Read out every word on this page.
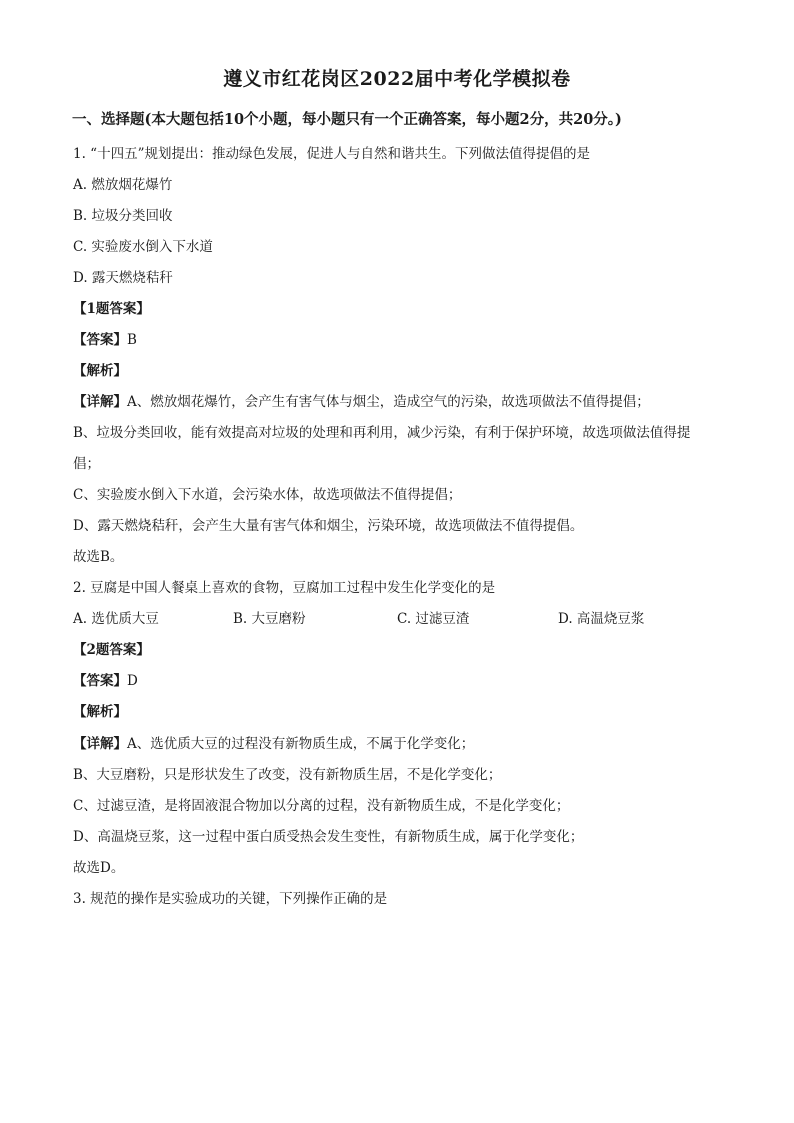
遵义市红花岗区2022届中考化学模拟卷
一、选择题(本大题包括10个小题，每小题只有一个正确答案，每小题2分，共20分。)
1. “十四五”规划提出：推动绿色发展，促进人与自然和谐共生。下列做法值得提倡的是
A. 燃放烟花爆竹
B. 垃圾分类回收
C. 实验废水倒入下水道
D. 露天燃烧秸秆
【1题答案】
【答案】B
【解析】
【详解】A、燃放烟花爆竹，会产生有害气体与烟尘，造成空气的污染，故选项做法不值得提倡；
B、垃圾分类回收，能有效提高对垃圾的处理和再利用，减少污染，有利于保护环境，故选项做法值得提
倡；
C、实验废水倒入下水道，会污染水体，故选项做法不值得提倡；
D、露天燃烧秸秆，会产生大量有害气体和烟尘，污染环境，故选项做法不值得提倡。
故选B。
2. 豆腐是中国人餐桌上喜欢的食物，豆腐加工过程中发生化学变化的是
A. 选优质大豆	B. 大豆磨粉	C. 过滤豆渣	D. 高温烧豆浆
【2题答案】
【答案】D
【解析】
【详解】A、选优质大豆的过程没有新物质生成，不属于化学变化；
B、大豆磨粉，只是形状发生了改变，没有新物质生居，不是化学变化；
C、过滤豆渣，是将固液混合物加以分离的过程，没有新物质生成，不是化学变化；
D、高温烧豆浆，这一过程中蛋白质受热会发生变性，有新物质生成，属于化学变化；
故选D。
3. 规范的操作是实验成功的关键，下列操作正确的是
